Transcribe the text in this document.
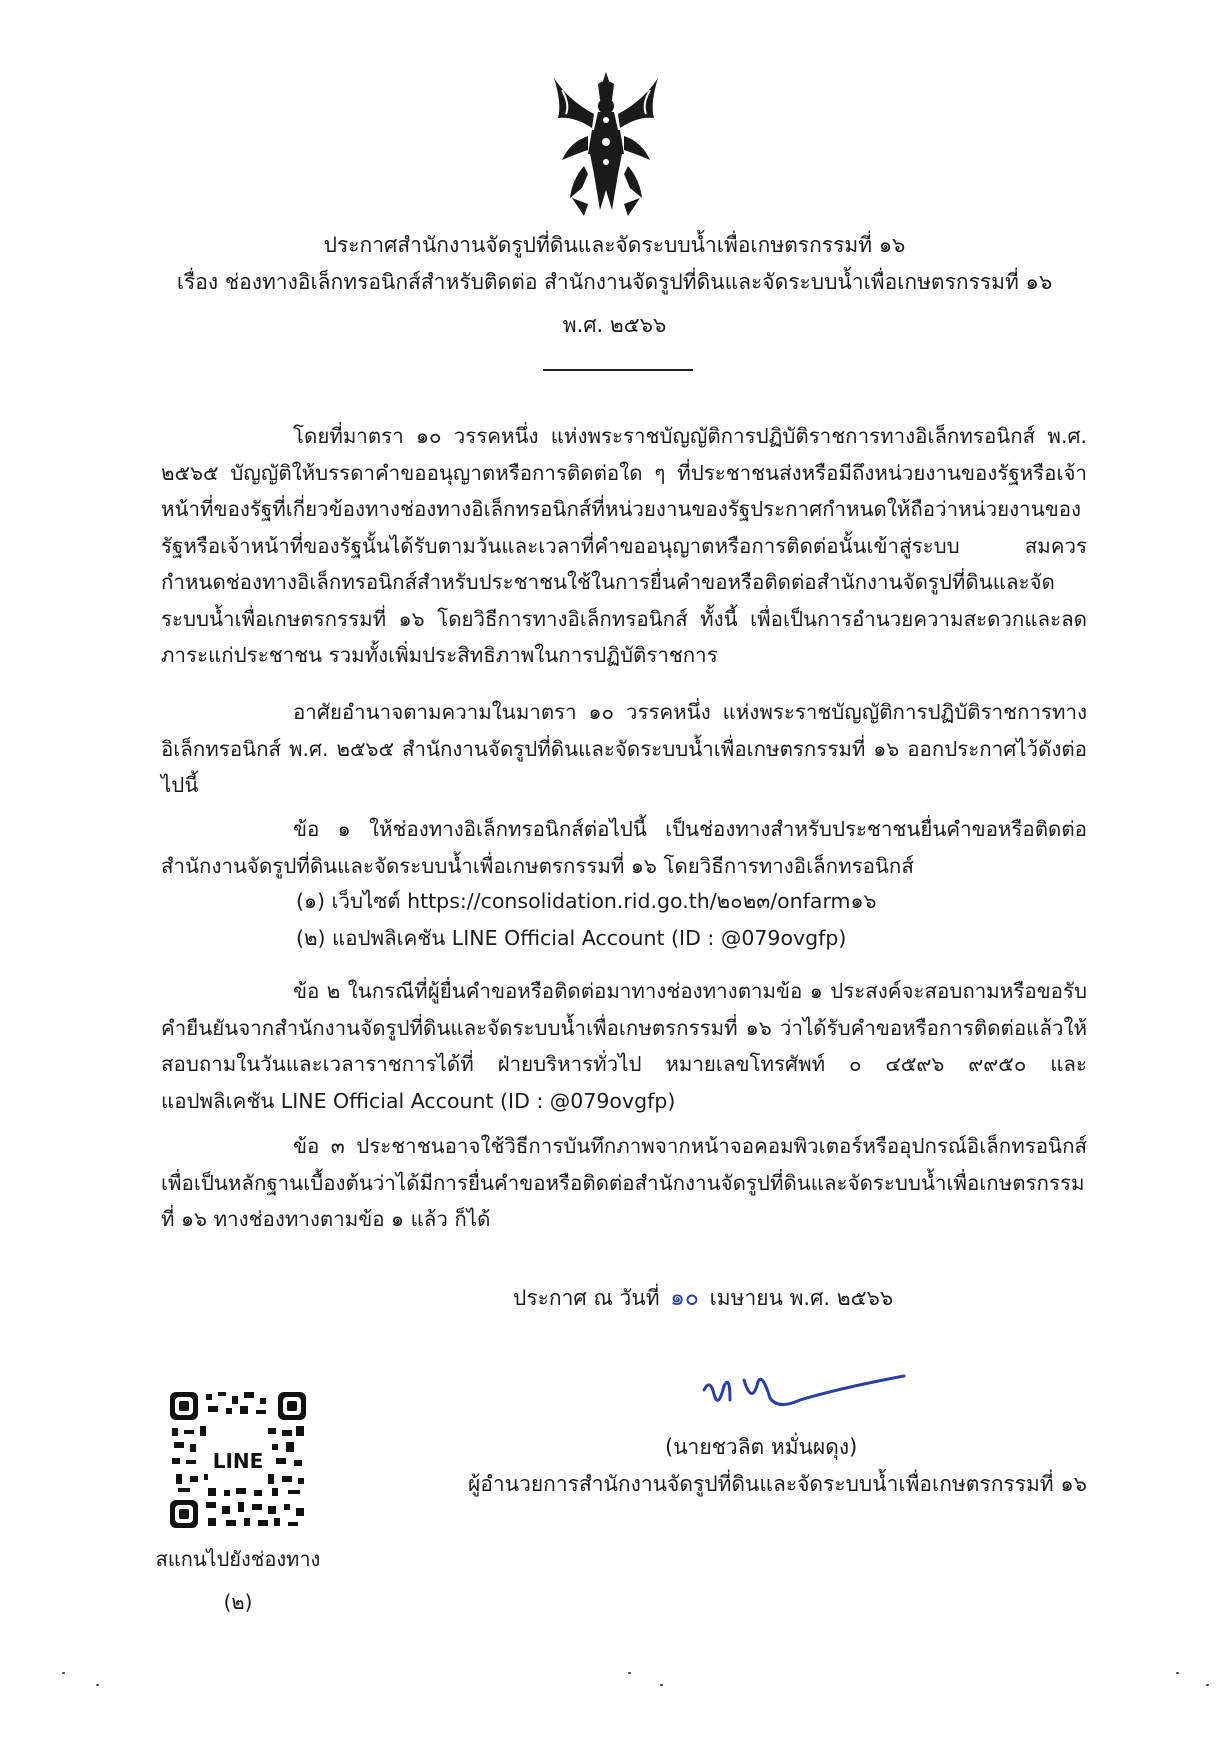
ประกาศสำนักงานจัดรูปที่ดินและจัดระบบน้ำเพื่อเกษตรกรรมที่ ๑๖
เรื่อง ช่องทางอิเล็กทรอนิกส์สำหรับติดต่อ สำนักงานจัดรูปที่ดินและจัดระบบน้ำเพื่อเกษตรกรรมที่ ๑๖
พ.ศ. ๒๕๖๖
โดยที่มาตรา ๑๐ วรรคหนึ่ง แห่งพระราชบัญญัติการปฏิบัติราชการทางอิเล็กทรอนิกส์ พ.ศ. ๒๕๖๕ บัญญัติให้บรรดาคำขออนุญาตหรือการติดต่อใด ๆ ที่ประชาชนส่งหรือมีถึงหน่วยงานของรัฐหรือเจ้าหน้าที่ของรัฐที่เกี่ยวข้องทางช่องทางอิเล็กทรอนิกส์ที่หน่วยงานของรัฐประกาศกำหนดให้ถือว่าหน่วยงานของรัฐหรือเจ้าหน้าที่ของรัฐนั้นได้รับตามวันและเวลาที่คำขออนุญาตหรือการติดต่อนั้นเข้าสู่ระบบ สมควรกำหนดช่องทางอิเล็กทรอนิกส์สำหรับประชาชนใช้ในการยื่นคำขอหรือติดต่อสำนักงานจัดรูปที่ดินและจัดระบบน้ำเพื่อเกษตรกรรมที่ ๑๖ โดยวิธีการทางอิเล็กทรอนิกส์ ทั้งนี้ เพื่อเป็นการอำนวยความสะดวกและลดภาระแก่ประชาชน รวมทั้งเพิ่มประสิทธิภาพในการปฏิบัติราชการ
อาศัยอำนาจตามความในมาตรา ๑๐ วรรคหนึ่ง แห่งพระราชบัญญัติการปฏิบัติราชการทางอิเล็กทรอนิกส์ พ.ศ. ๒๕๖๕ สำนักงานจัดรูปที่ดินและจัดระบบน้ำเพื่อเกษตรกรรมที่ ๑๖ ออกประกาศไว้ดังต่อไปนี้
ข้อ ๑ ให้ช่องทางอิเล็กทรอนิกส์ต่อไปนี้ เป็นช่องทางสำหรับประชาชนยื่นคำขอหรือติดต่อสำนักงานจัดรูปที่ดินและจัดระบบน้ำเพื่อเกษตรกรรมที่ ๑๖ โดยวิธีการทางอิเล็กทรอนิกส์
(๑) เว็บไซต์ https://consolidation.rid.go.th/๒๐๒๓/onfarm๑๖
(๒) แอปพลิเคชัน LINE Official Account (ID : @079ovgfp)
ข้อ ๒ ในกรณีที่ผู้ยื่นคำขอหรือติดต่อมาทางช่องทางตามข้อ ๑ ประสงค์จะสอบถามหรือขอรับคำยืนยันจากสำนักงานจัดรูปที่ดินและจัดระบบน้ำเพื่อเกษตรกรรมที่ ๑๖ ว่าได้รับคำขอหรือการติดต่อแล้วให้สอบถามในวันและเวลาราชการได้ที่ ฝ่ายบริหารทั่วไป หมายเลขโทรศัพท์ ๐ ๔๕๙๖ ๙๙๕๐ และแอปพลิเคชัน LINE Official Account (ID : @079ovgfp)
ข้อ ๓ ประชาชนอาจใช้วิธีการบันทึกภาพจากหน้าจอคอมพิวเตอร์หรืออุปกรณ์อิเล็กทรอนิกส์เพื่อเป็นหลักฐานเบื้องต้นว่าได้มีการยื่นคำขอหรือติดต่อสำนักงานจัดรูปที่ดินและจัดระบบน้ำเพื่อเกษตรกรรมที่ ๑๖ ทางช่องทางตามข้อ ๑ แล้ว ก็ได้
ประกาศ ณ วันที่ ๑๐ เมษายน พ.ศ. ๒๕๖๖
(นายชวลิต หมั่นผดุง)
ผู้อำนวยการสำนักงานจัดรูปที่ดินและจัดระบบน้ำเพื่อเกษตรกรรมที่ ๑๖
LINE
สแกนไปยังช่องทาง
(๒)
